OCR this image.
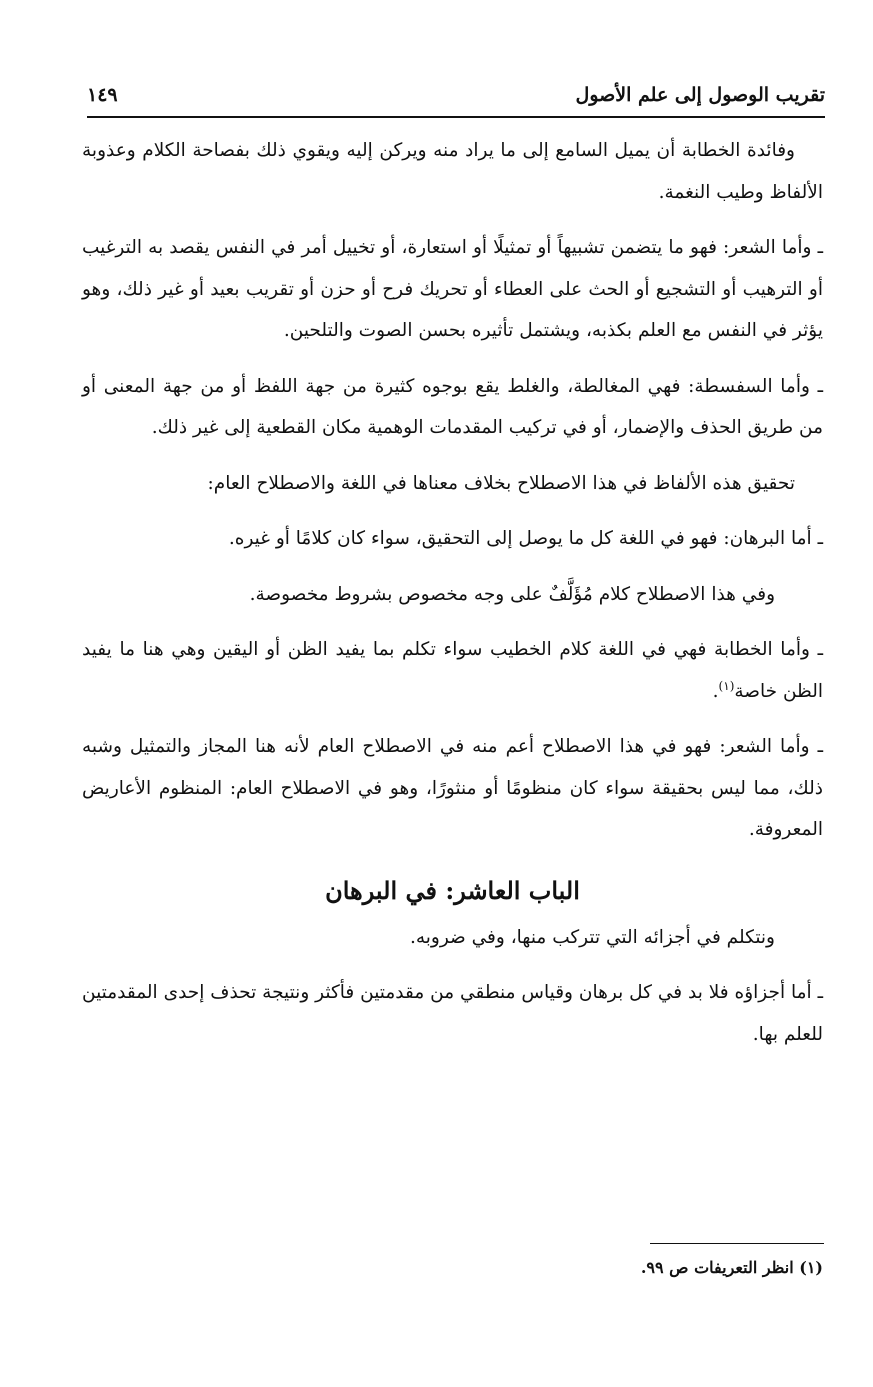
تقريب الوصول إلى علم الأصول
١٤٩

وفائدة الخطابة أن يميل السامع إلى ما يراد منه ويركن إليه ويقوي ذلك بفصاحة الكلام وعذوبة الألفاظ وطيب النغمة.

ـ وأما الشعر: فهو ما يتضمن تشبيهاً أو تمثيلًا أو استعارة، أو تخييل أمر في النفس يقصد به الترغيب أو الترهيب أو التشجيع أو الحث على العطاء أو تحريك فرح أو حزن أو تقريب بعيد أو غير ذلك، وهو يؤثر في النفس مع العلم بكذبه، ويشتمل تأثيره بحسن الصوت والتلحين.

ـ وأما السفسطة: فهي المغالطة، والغلط يقع بوجوه كثيرة من جهة اللفظ أو من جهة المعنى أو من طريق الحذف والإضمار، أو في تركيب المقدمات الوهمية مكان القطعية إلى غير ذلك.

تحقيق هذه الألفاظ في هذا الاصطلاح بخلاف معناها في اللغة والاصطلاح العام:

ـ أما البرهان: فهو في اللغة كل ما يوصل إلى التحقيق، سواء كان كلامًا أو غيره.

وفي هذا الاصطلاح كلام مُؤَلَّفٌ على وجه مخصوص بشروط مخصوصة.

ـ وأما الخطابة فهي في اللغة كلام الخطيب سواء تكلم بما يفيد الظن أو اليقين وهي هنا ما يفيد الظن خاصة$^{(١)}$.

ـ وأما الشعر: فهو في هذا الاصطلاح أعم منه في الاصطلاح العام لأنه هنا المجاز والتمثيل وشبه ذلك، مما ليس بحقيقة سواء كان منظومًا أو منثورًا، وهو في الاصطلاح العام: المنظوم الأعاريض المعروفة.

الباب العاشر: في البرهان

ونتكلم في أجزائه التي تتركب منها، وفي ضروبه.

ـ أما أجزاؤه فلا بد في كل برهان وقياس منطقي من مقدمتين فأكثر ونتيجة تحذف إحدى المقدمتين للعلم بها.

(١) انظر التعريفات ص ٩٩.
